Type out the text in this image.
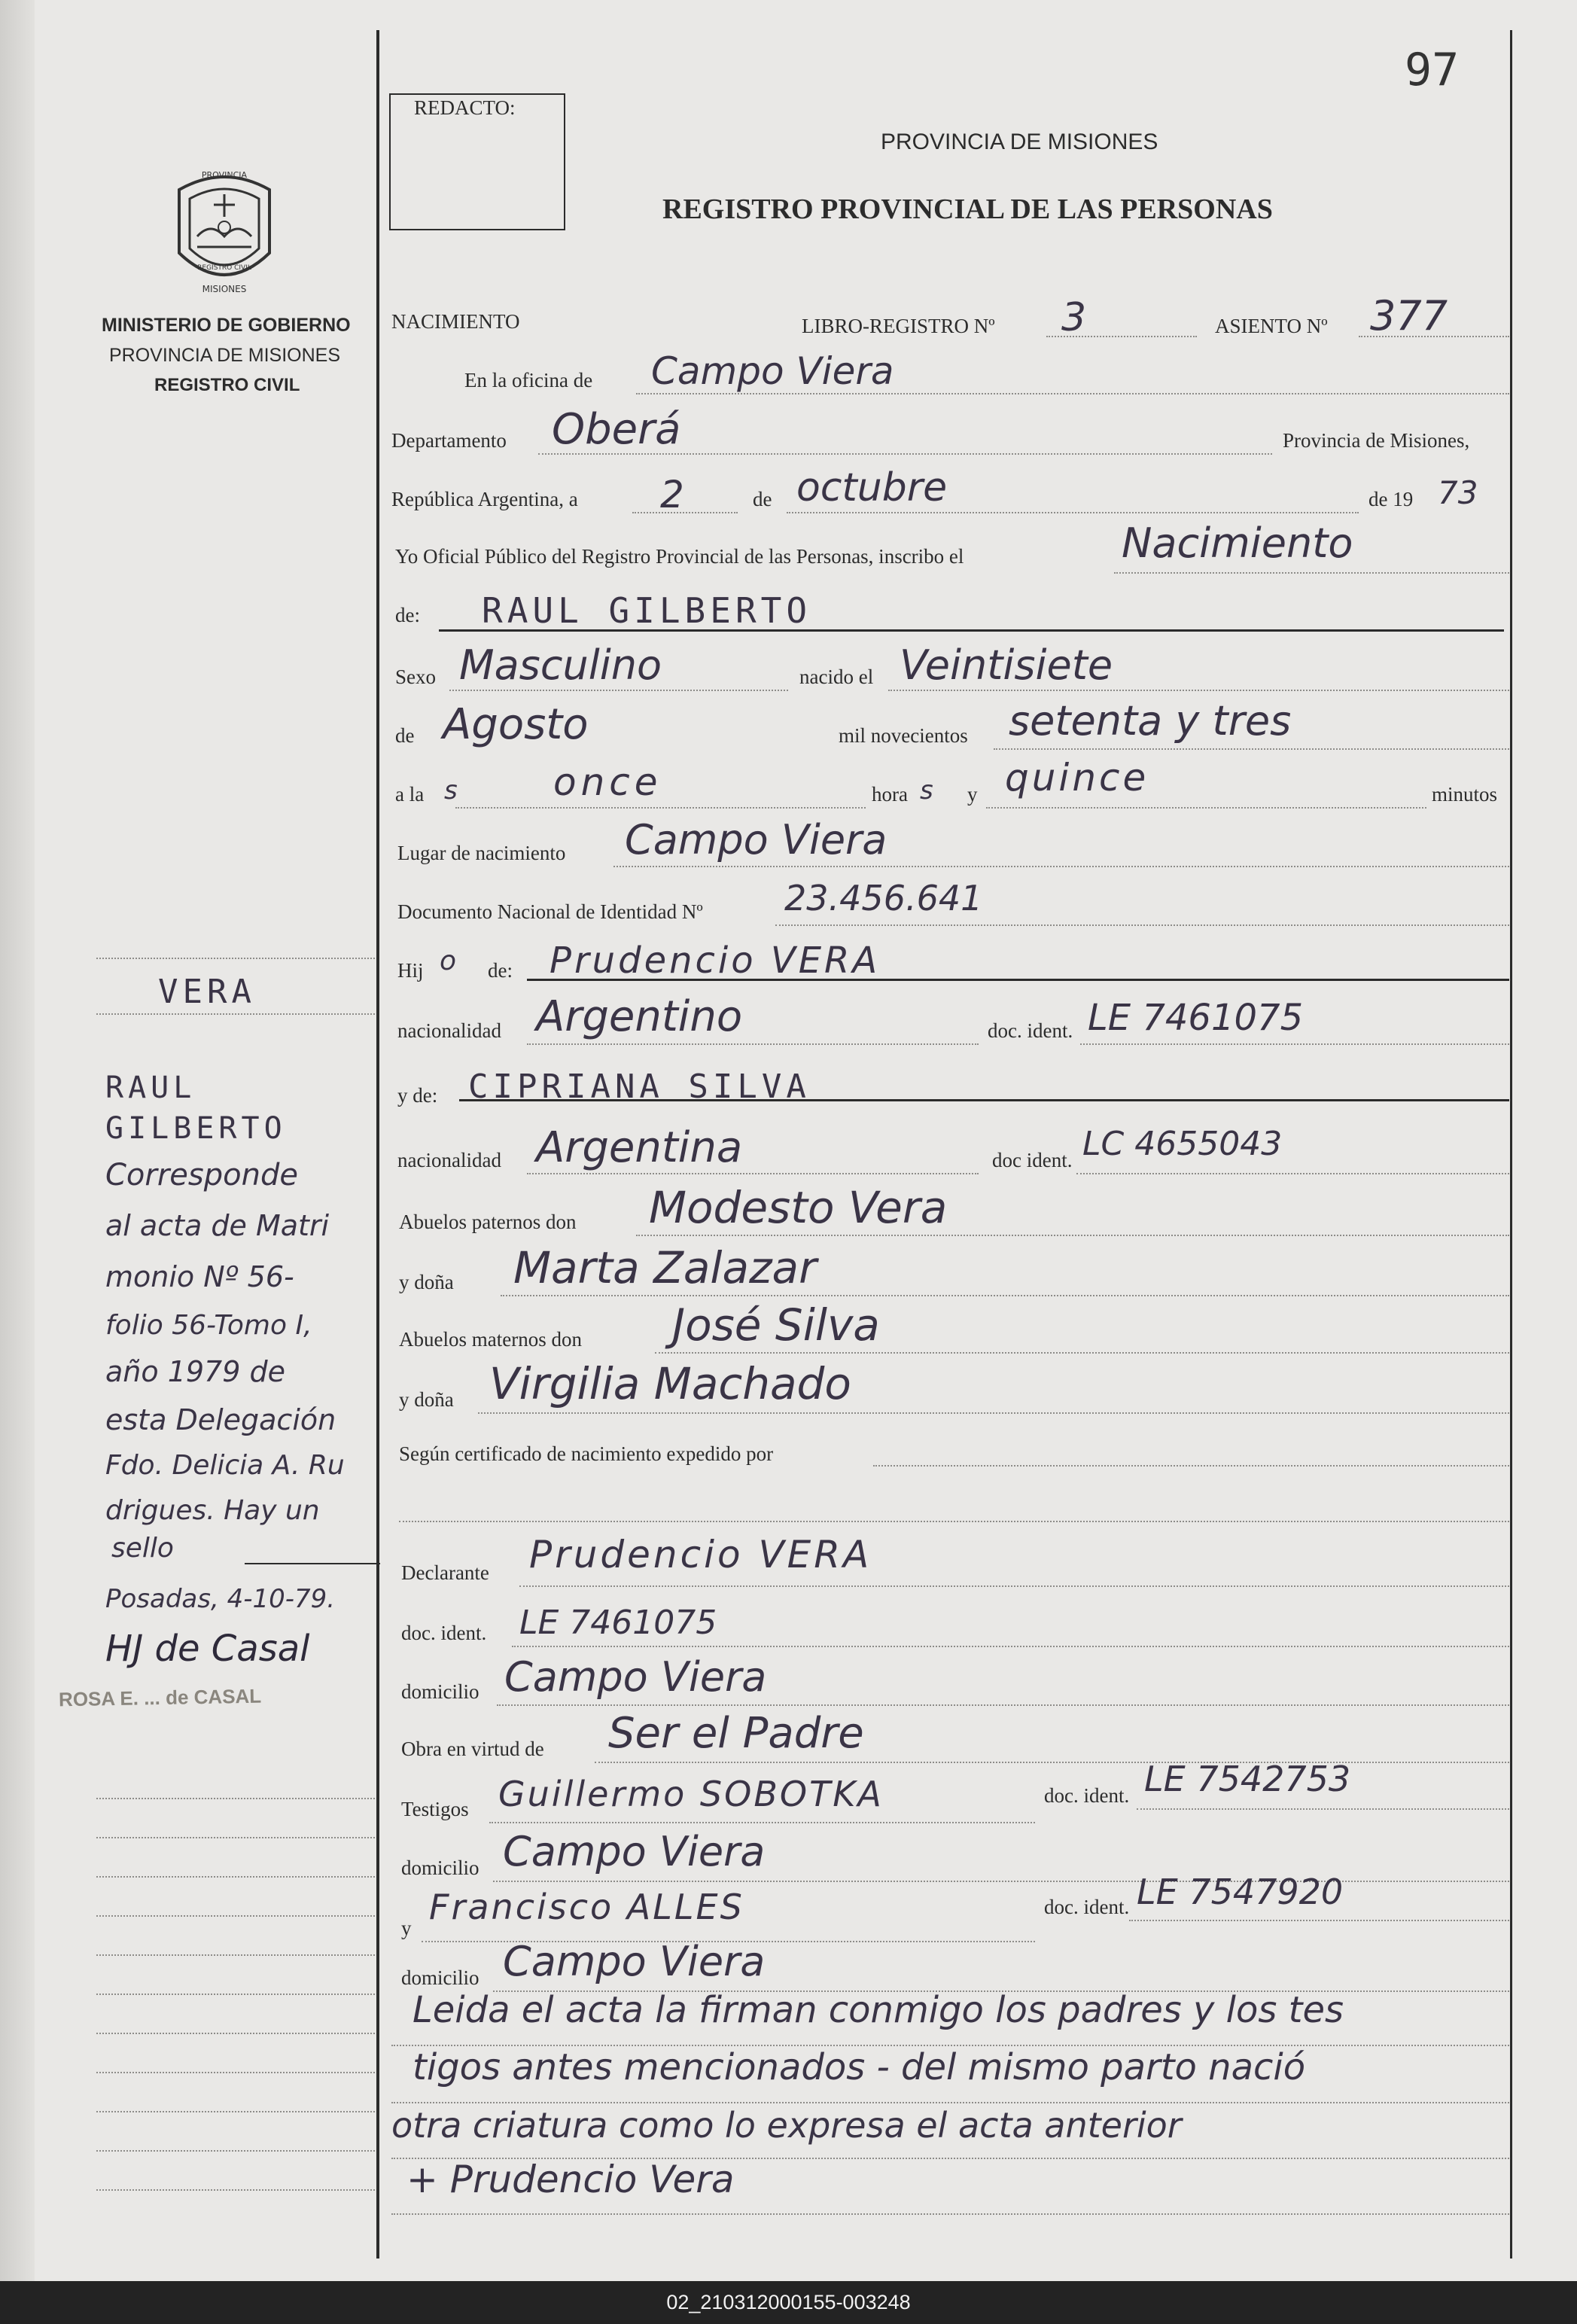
97
REDACTO:
PROVINCIA DE MISIONES
REGISTRO PROVINCIAL DE LAS PERSONAS
PROVINCIA
MISIONES
REGISTRO CIVIL
MINISTERIO DE GOBIERNO
PROVINCIA DE MISIONES
REGISTRO CIVIL
NACIMIENTO	LIBRO-REGISTRO Nº 3	ASIENTO Nº 377
En la oficina de Campo Viera
Departamento Oberá	Provincia de Misiones,
República Argentina, a 2	de octubre	de 19 73
Yo Oficial Público del Registro Provincial de las Personas, inscribo el	Nacimiento
de: RAUL GILBERTO
Sexo Masculino	nacido el Veintisiete
de Agosto	mil novecientos setenta y tres
a la s	once	hora s y quince	minutos
Lugar de nacimiento Campo Viera
Documento Nacional de Identidad Nº 23.456.641
Hij o de: Prudencio VERA
nacionalidad Argentino	doc. ident. LE 7461075
y de: CIPRIANA SILVA
nacionalidad Argentina	doc ident. LC 4655043
Abuelos paternos don Modesto Vera
y doña Marta Zalazar
Abuelos maternos don José Silva
y doña Virgilia Machado
Según certificado de nacimiento expedido por
Declarante Prudencio VERA
doc. ident. LE 7461075
domicilio Campo Viera
Obra en virtud de Ser el Padre
Testigos Guillermo SOBOTKA	doc. ident. LE 7542753
domicilio Campo Viera
y
Francisco ALLES	doc. ident. LE 7547920
domicilio Campo Viera
Leida el acta la firman conmigo los padres y los tes
tigos antes mencionados - del mismo parto nació
otra criatura como lo expresa el acta anterior
+ Prudencio Vera
VERA
RAUL GILBERTO
Corresponde
al acta de Matri
monio Nº 56-
folio 56-Tomo I,
año 1979 de
esta Delegación
Fdo. Delicia A. Ru
drigues. Hay un
sello
Posadas, 4-10-79.
HJ de Casal
ROSA E. ... de CASAL
02_210312000155-003248
